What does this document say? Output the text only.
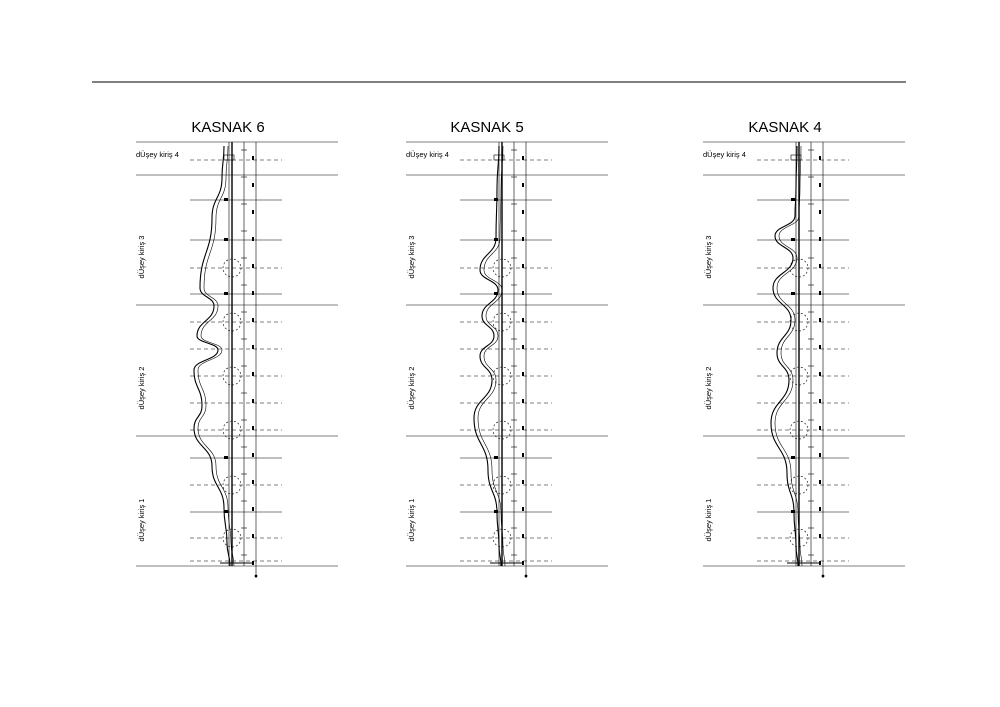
KASNAK 6
dÜşey kiriş 4
dÜşey kiriş 3
dÜşey kiriş 2
dÜşey kiriş 1
KASNAK 5
dÜşey kiriş 4
dÜşey kiriş 3
dÜşey kiriş 2
dÜşey kiriş 1
KASNAK 4
dÜşey kiriş 4
dÜşey kiriş 3
dÜşey kiriş 2
dÜşey kiriş 1
